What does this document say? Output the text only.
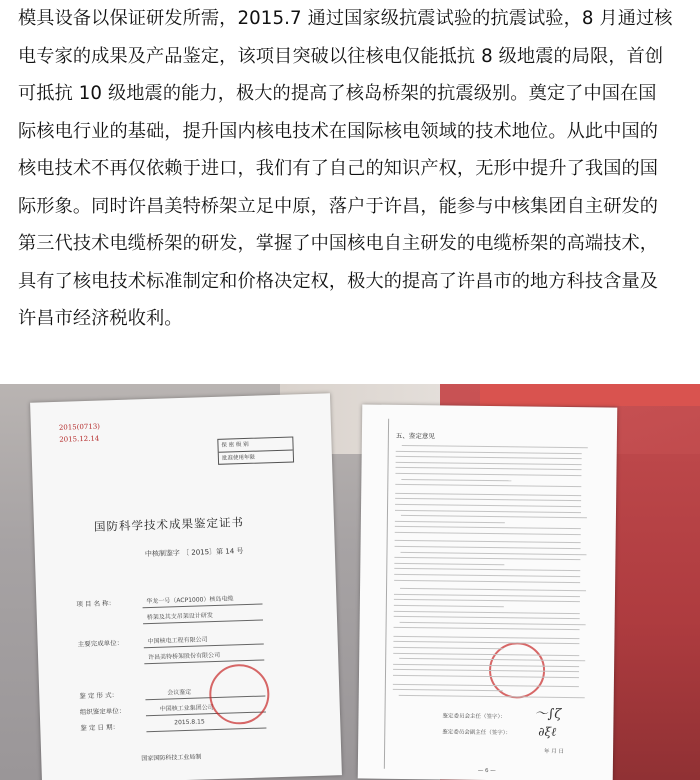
模具设备以保证研发所需，2015.7 通过国家级抗震试验的抗震试验，8 月通过核
电专家的成果及产品鉴定，该项目突破以往核电仅能抵抗 8 级地震的局限，首创
可抵抗 10 级地震的能力，极大的提高了核岛桥架的抗震级别。奠定了中国在国
际核电行业的基础，提升国内核电技术在国际核电领域的技术地位。从此中国的
核电技术不再仅依赖于进口，我们有了自己的知识产权，无形中提升了我国的国
际形象。同时许昌美特桥架立足中原，落户于许昌，能参与中核集团自主研发的
第三代技术电缆桥架的研发，掌握了中国核电自主研发的电缆桥架的高端技术，
具有了核电技术标准制定和价格决定权，极大的提高了许昌市的地方科技含量及
许昌市经济税收利。
2015(0713)
2015.12.14
保 密 级 别
批准使用年限
国防科学技术成果鉴定证书
中核制鉴字 〔 2015〕第 14 号
项 目 名 称：	华龙一号（ACP1000）核岛电缆
桥架及其支吊架设计研发
主要完成单位：	中国核电工程有限公司
许昌美特桥架股份有限公司
鉴 定 形 式：	会议鉴定
组织鉴定单位：	中国核工业集团公司
鉴 定 日 期：
2015.8.15
国家国防科技工业局制
五、鉴定意见
鉴定委员会主任（签字）：
鉴定委员会副主任（签字）：
〜∫ζ
∂ξℓ
年 月 日
— 6 —
